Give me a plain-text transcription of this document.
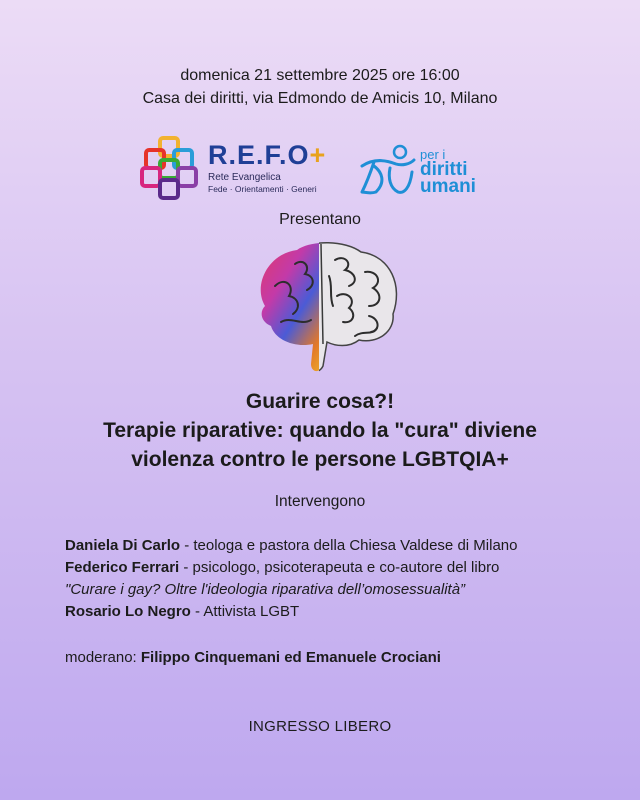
domenica 21 settembre 2025 ore 16:00
Casa dei diritti, via Edmondo de Amicis 10, Milano
R.E.F.O+
Rete Evangelica
Fede · Orientamenti · Generi
per i
diritti
umani
Presentano
Guarire cosa?!
Terapie riparative: quando la "cura" diviene
violenza contro le persone LGBTQIA+
Intervengono
Daniela Di Carlo - teologa e pastora della Chiesa Valdese di Milano
Federico Ferrari - psicologo, psicoterapeuta e co-autore del libro
"Curare i gay? Oltre l'ideologia riparativa dell’omosessualità”
Rosario Lo Negro - Attivista LGBT
moderano: Filippo Cinquemani ed Emanuele Crociani
INGRESSO LIBERO
